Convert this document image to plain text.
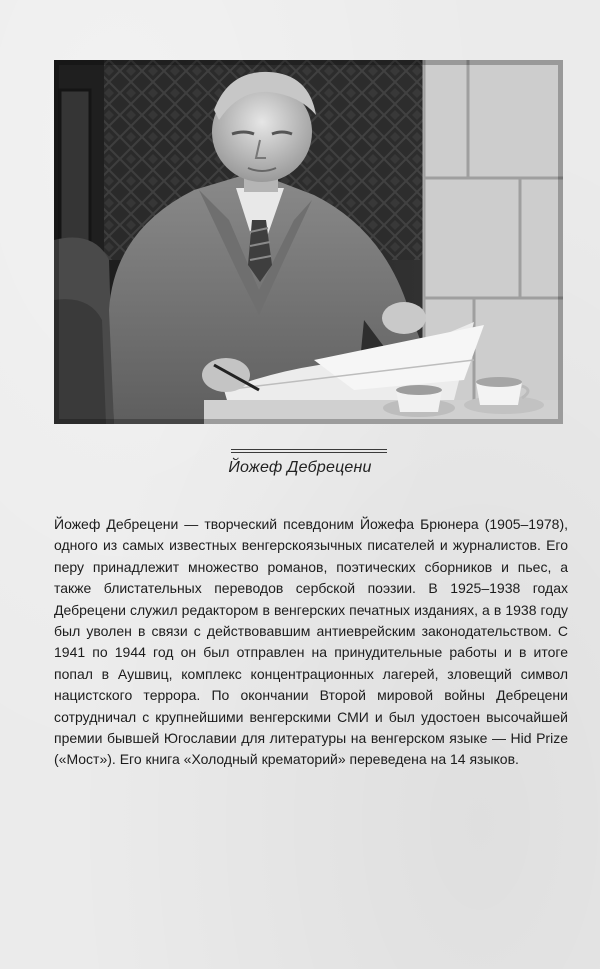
Йожеф Дебрецени

Йожеф Дебрецени — творческий псевдоним Йожефа Брюнера (1905–1978), одного из самых известных венгерскоязычных писателей и журналистов. Его перу принадлежит множество романов, поэтических сборников и пьес, а также блистательных переводов сербской поэзии. В 1925–1938 годах Дебрецени служил редактором в венгерских печатных изданиях, а в 1938 году был уволен в связи с действовавшим антиеврейским законодательством. С 1941 по 1944 год он был отправлен на принудительные работы и в итоге попал в Аушвиц, комплекс концентрационных лагерей, зловещий символ нацистского террора. По окончании Второй мировой войны Дебрецени сотрудничал с крупнейшими венгерскими СМИ и был удостоен высочайшей премии бывшей Югославии для литературы на венгерском языке — Hid Prize («Мост»). Его книга «Холодный крематорий» переведена на 14 языков.
